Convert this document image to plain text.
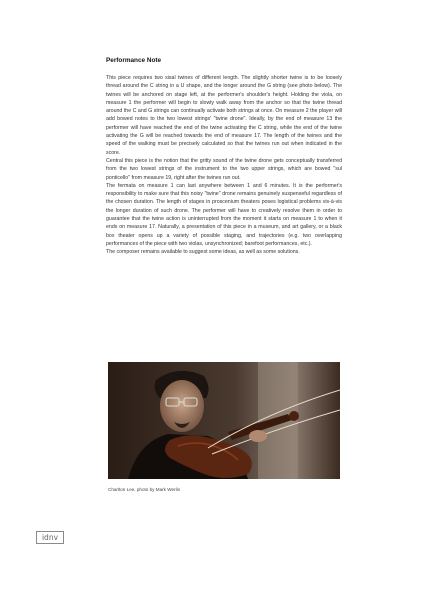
Performance Note

This piece requires two sisal twines of different length. The slightly shorter twine is to be loosely thread around the C string in a U shape, and the longer around the G string (see photo below). The twines will be anchored on stage left, at the performer's shoulder's height. Holding the viola, on measure 1 the performer will begin to slowly walk away from the anchor so that the twine thread around the C and G strings can continually activate both strings at once. On measure 2 the player will add bowed notes to the two lowest strings' "twine drone". Ideally, by the end of measure 13 the performer will have reached the end of the twine activating the C string, while the end of the twine activating the G will be reached towards the end of measure 17. The length of the twines and the speed of the walking must be precisely calculated so that the twines run out when indicated in the score.

Central this piece is the notion that the gritty sound of the twine drone gets conceptually transferred from the two lowest strings of the instrument to the two upper strings, which are bowed "sul ponticello" from measure 19, right after the twines run out.

The fermata on measure 1 can last anywhere between 1 and 6 minutes. It is the performer's responsibility to make sure that this noisy "twine" drone remains genuinely suspenseful regardless of the chosen duration. The length of stages in proscenium theaters poses logistical problems vis-à-vis the longer duration of such drone. The performer will have to creatively resolve them in order to guarantee that the twine action is uninterrupted from the moment it starts on measure 1 to when it ends on measure 17. Naturally, a presentation of this piece in a museum, and art gallery, or a black box theater opens up a variety of possible staging, and trajectories (e.g. two overlapping performances of the piece with two violas, unsynchronized; barefoot performances, etc.).

The composer remains available to suggest some ideas, as well as some solutions.

Charlton Lee, photo by Mark Werlin
idnv
